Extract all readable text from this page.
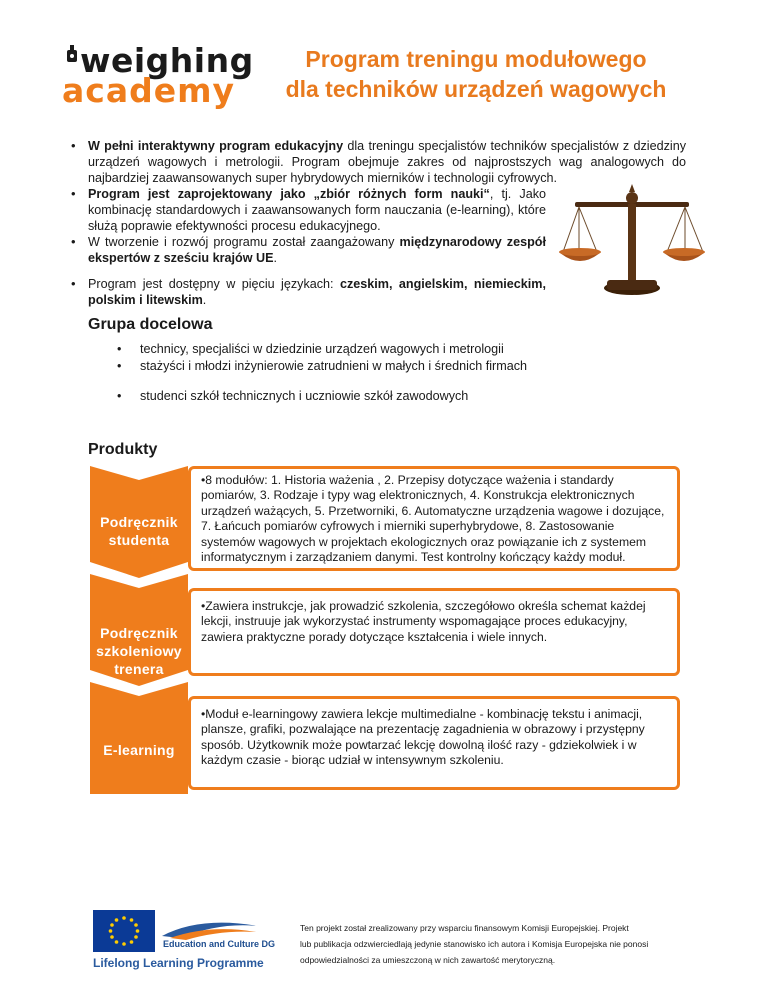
weighing
academy
Program treningu modułowego
dla techników urządzeń wagowych
• W pełni interaktywny program edukacyjny dla treningu specjalistów techników specjalistów z dziedziny urządzeń wagowych i metrologii. Program obejmuje zakres od najprostszych wag analogowych do najbardziej zaawansowanych super hybrydowych mierników i technologii cyfrowych.
• Program jest zaprojektowany jako „zbiór różnych form nauki“, tj. Jako kombinację standardowych i zaawansowanych form nauczania (e-learning), które służą poprawie efektywności procesu edukacyjnego.
• W tworzenie i rozwój programu został zaangażowany międzynarodowy zespół ekspertów z sześciu krajów UE.
• Program jest dostępny w pięciu językach: czeskim, angielskim, niemieckim, polskim i litewskim.
Grupa docelowa
• technicy, specjaliści w dziedzinie urządzeń wagowych i metrologii
• stażyści i młodzi inżynierowie zatrudnieni w małych i średnich firmach
• studenci szkół technicznych i uczniowie szkół zawodowych
Produkty
Podręcznik
studenta
•8 modułów: 1. Historia ważenia , 2. Przepisy dotyczące ważenia i standardy pomiarów, 3. Rodzaje i typy wag elektronicznych, 4. Konstrukcja elektronicznych urządzeń ważących, 5. Przetworniki, 6. Automatyczne urządzenia wagowe i dozujące, 7. Łańcuch pomiarów cyfrowych i mierniki superhybrydowe, 8. Zastosowanie systemów wagowych w projektach ekologicznych oraz powiązanie ich z systemem informatycznym i zarządzaniem danymi. Test kontrolny kończący każdy moduł.
Podręcznik
szkoleniowy
trenera
•Zawiera instrukcje, jak prowadzić szkolenia, szczegółowo określa schemat każdej lekcji, instruuje jak wykorzystać instrumenty wspomagające proces edukacyjny, zawiera praktyczne porady dotyczące kształcenia i wiele innych.
E-learning
•Moduł e-learningowy zawiera lekcje multimedialne - kombinację tekstu i animacji, plansze, grafiki, pozwalające na prezentację zagadnienia w obrazowy i przystępny sposób. Użytkownik może powtarzać lekcję dowolną ilość razy - gdziekolwiek i w każdym czasie - biorąc udział w intensywnym szkoleniu.
Education and Culture DG
Lifelong Learning Programme
Ten projekt został zrealizowany przy wsparciu finansowym Komisji Europejskiej. Projekt
lub publikacja odzwierciedlają jedynie stanowisko ich autora i Komisja Europejska nie ponosi
odpowiedzialności za umieszczoną w nich zawartość merytoryczną.
